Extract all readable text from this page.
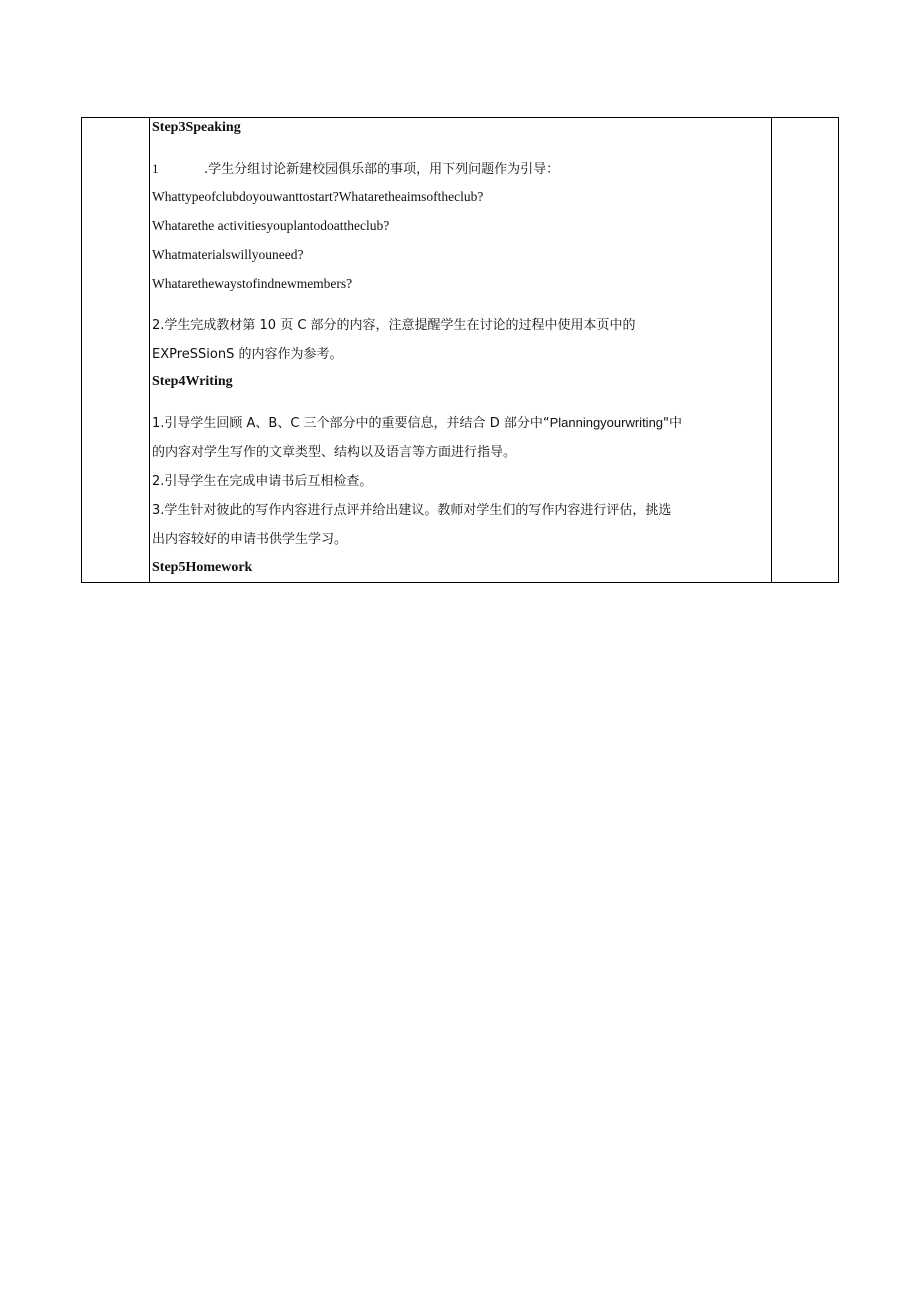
Step3Speaking

1	.学生分组讨论新建校园俱乐部的事项，用下列问题作为引导：

Whattypeofclubdoyouwanttostart?Whataretheaimsoftheclub?

Whatarethe activitiesyouplantodoattheclub?

Whatmaterialswillyouneed?

Whatarethewaystofindnewmembers?

2.学生完成教材第 10 页 C 部分的内容，注意提醒学生在讨论的过程中使用本页中的

EXPreSSionS 的内容作为参考。

Step4Writing

1.引导学生回顾 A、B、C 三个部分中的重要信息，并结合 D 部分中“Planningyourwriting"中

的内容对学生写作的文章类型、结构以及语言等方面进行指导。

2.引导学生在完成申请书后互相检查。

3.学生针对彼此的写作内容进行点评并给出建议。教师对学生们的写作内容进行评估，挑选

出内容较好的申请书供学生学习。

Step5Homework
